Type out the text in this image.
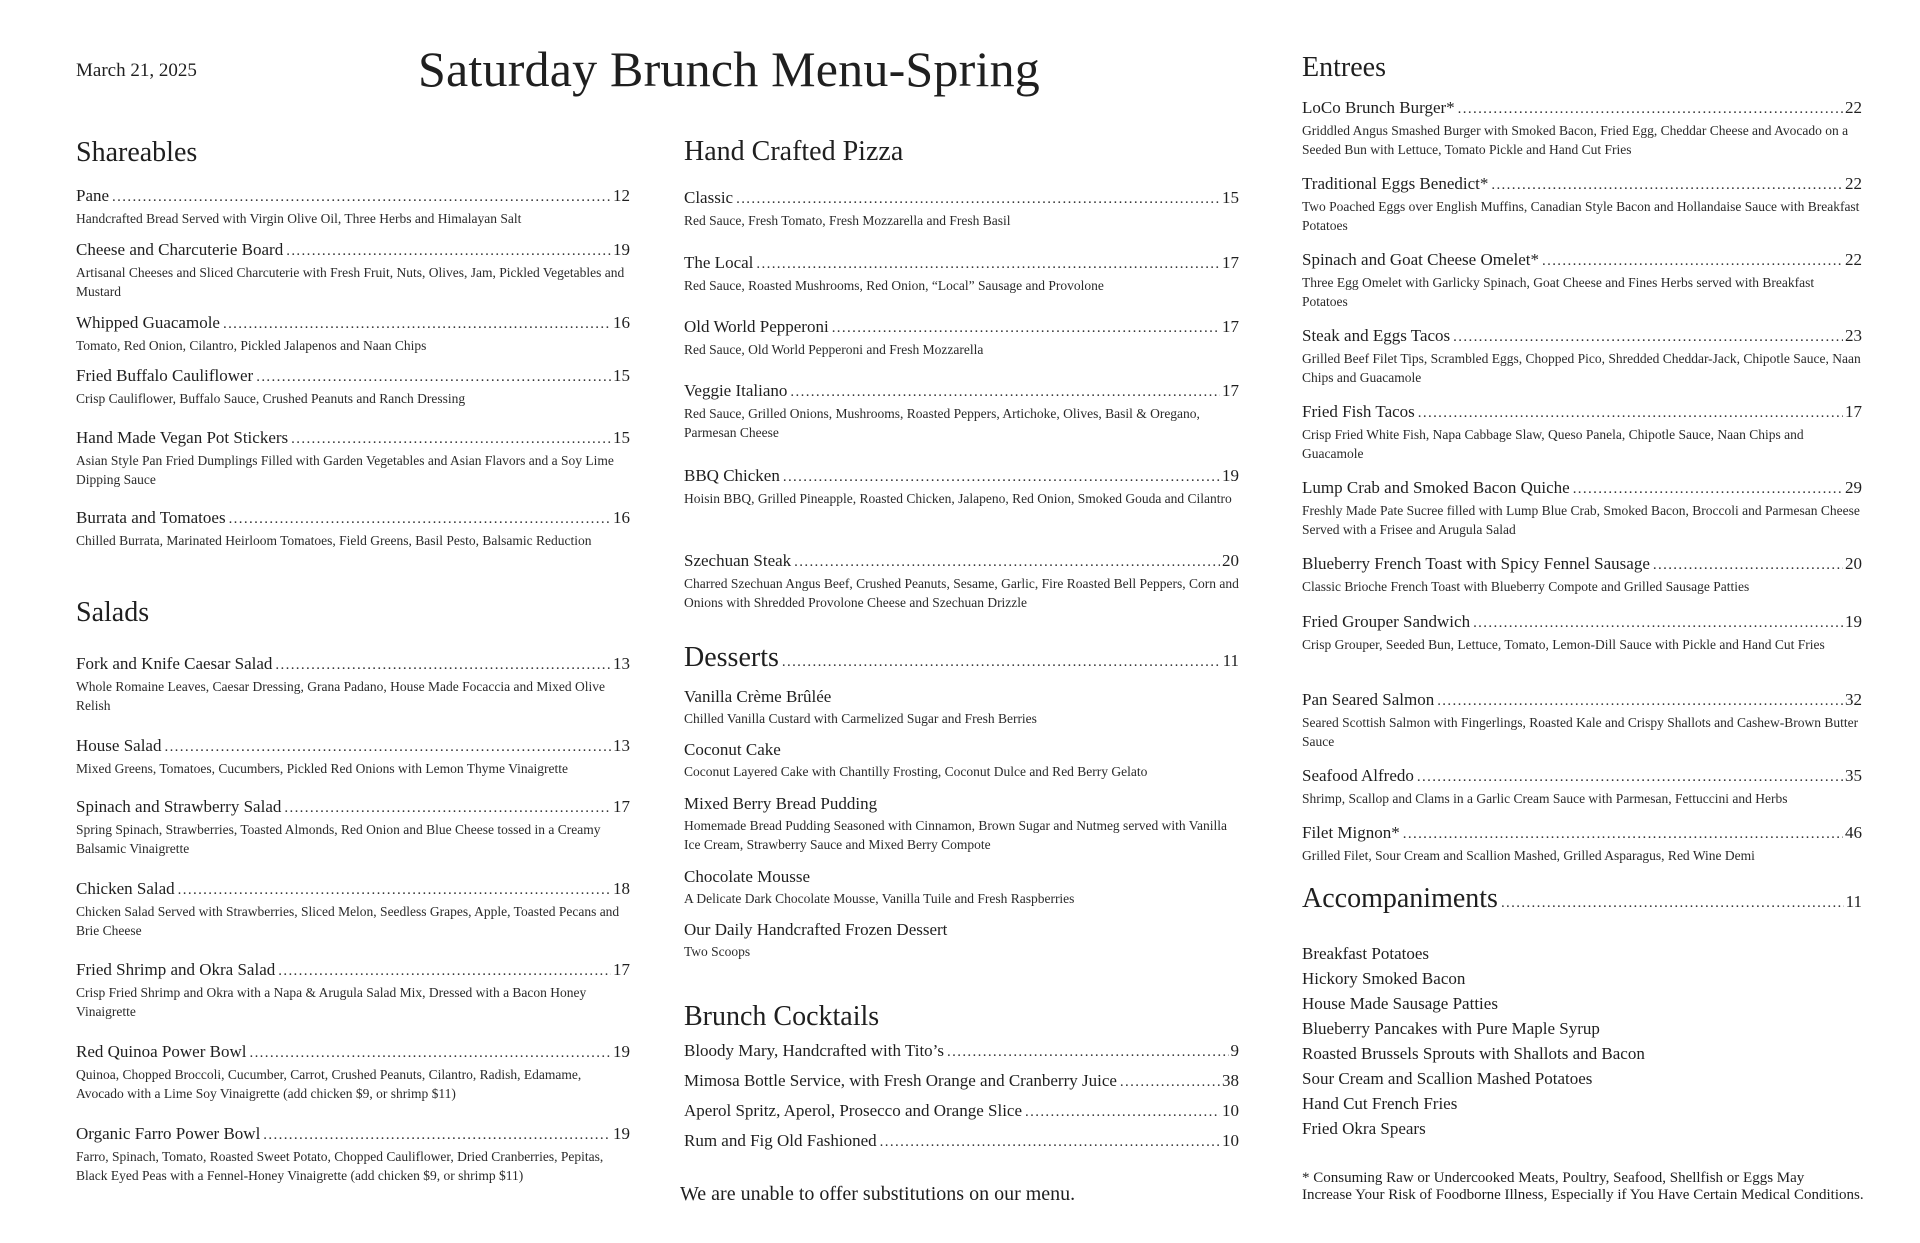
March 21, 2025	Saturday Brunch Menu-Spring
Shareables
Pane . . .	12
Handcrafted Bread Served with Virgin Olive Oil, Three Herbs and Himalayan Salt
Cheese and Charcuterie Board . . .	19
Artisanal Cheeses and Sliced Charcuterie with Fresh Fruit, Nuts, Olives, Jam, Pickled Vegetables and Mustard
Whipped Guacamole . . .	16
Tomato, Red Onion, Cilantro, Pickled Jalapenos and Naan Chips
Fried Buffalo Cauliflower . . .	15
Crisp Cauliflower, Buffalo Sauce, Crushed Peanuts and Ranch Dressing
Hand Made Vegan Pot Stickers . . .	15
Asian Style Pan Fried Dumplings Filled with Garden Vegetables and Asian Flavors and a Soy Lime Dipping Sauce
Burrata and Tomatoes . . .	16
Chilled Burrata, Marinated Heirloom Tomatoes, Field Greens, Basil Pesto, Balsamic Reduction
Salads
Fork and Knife Caesar Salad . . .	13
Whole Romaine Leaves, Caesar Dressing, Grana Padano, House Made Focaccia and Mixed Olive Relish
House Salad . . .	13
Mixed Greens, Tomatoes, Cucumbers, Pickled Red Onions with Lemon Thyme Vinaigrette
Spinach and Strawberry Salad . . .	17
Spring Spinach, Strawberries, Toasted Almonds, Red Onion and Blue Cheese tossed in a Creamy Balsamic Vinaigrette
Chicken Salad . . .	18
Chicken Salad Served with Strawberries, Sliced Melon, Seedless Grapes, Apple, Toasted Pecans and Brie Cheese
Fried Shrimp and Okra Salad . . .	17
Crisp Fried Shrimp and Okra with a Napa & Arugula Salad Mix, Dressed with a Bacon Honey Vinaigrette
Red Quinoa Power Bowl . . .	19
Quinoa, Chopped Broccoli, Cucumber, Carrot, Crushed Peanuts, Cilantro, Radish, Edamame, Avocado with a Lime Soy Vinaigrette (add chicken $9, or shrimp $11)
Organic Farro Power Bowl . . .	19
Farro, Spinach, Tomato, Roasted Sweet Potato, Chopped Cauliflower, Dried Cranberries, Pepitas, Black Eyed Peas with a Fennel-Honey Vinaigrette (add chicken $9, or shrimp $11)
Hand Crafted Pizza
Classic . . .	15
Red Sauce, Fresh Tomato, Fresh Mozzarella and Fresh Basil
The Local . . .	17
Red Sauce, Roasted Mushrooms, Red Onion, “Local” Sausage and Provolone
Old World Pepperoni . . .	17
Red Sauce, Old World Pepperoni and Fresh Mozzarella
Veggie Italiano . . .	17
Red Sauce, Grilled Onions, Mushrooms, Roasted Peppers, Artichoke, Olives, Basil & Oregano, Parmesan Cheese
BBQ Chicken . . .	19
Hoisin BBQ, Grilled Pineapple, Roasted Chicken, Jalapeno, Red Onion, Smoked Gouda and Cilantro
Szechuan Steak . . .	20
Charred Szechuan Angus Beef, Crushed Peanuts, Sesame, Garlic, Fire Roasted Bell Peppers, Corn and Onions with Shredded Provolone Cheese and Szechuan Drizzle
Desserts . . .	11
Vanilla Crème Brûlée
Chilled Vanilla Custard with Carmelized Sugar and Fresh Berries
Coconut Cake
Coconut Layered Cake with Chantilly Frosting, Coconut Dulce and Red Berry Gelato
Mixed Berry Bread Pudding
Homemade Bread Pudding Seasoned with Cinnamon, Brown Sugar and Nutmeg served with Vanilla Ice Cream, Strawberry Sauce and Mixed Berry Compote
Chocolate Mousse
A Delicate Dark Chocolate Mousse, Vanilla Tuile and Fresh Raspberries
Our Daily Handcrafted Frozen Dessert
Two Scoops
Brunch Cocktails
Bloody Mary, Handcrafted with Tito’s . . .	9
Mimosa Bottle Service, with Fresh Orange and Cranberry Juice . . .	38
Aperol Spritz, Aperol, Prosecco and Orange Slice . . .	10
Rum and Fig Old Fashioned . . .	10
We are unable to offer substitutions on our menu.
Entrees
LoCo Brunch Burger* . . .	22
Griddled Angus Smashed Burger with Smoked Bacon, Fried Egg, Cheddar Cheese and Avocado on a Seeded Bun with Lettuce, Tomato Pickle and Hand Cut Fries
Traditional Eggs Benedict* . . .	22
Two Poached Eggs over English Muffins, Canadian Style Bacon and Hollandaise Sauce with Breakfast Potatoes
Spinach and Goat Cheese Omelet* . . .	22
Three Egg Omelet with Garlicky Spinach, Goat Cheese and Fines Herbs served with Breakfast Potatoes
Steak and Eggs Tacos . . .	23
Grilled Beef Filet Tips, Scrambled Eggs, Chopped Pico, Shredded Cheddar-Jack, Chipotle Sauce, Naan Chips and Guacamole
Fried Fish Tacos . . .	17
Crisp Fried White Fish, Napa Cabbage Slaw, Queso Panela, Chipotle Sauce, Naan Chips and Guacamole
Lump Crab and Smoked Bacon Quiche . . .	29
Freshly Made Pate Sucree filled with Lump Blue Crab, Smoked Bacon, Broccoli and Parmesan Cheese Served with a Frisee and Arugula Salad
Blueberry French Toast with Spicy Fennel Sausage . . .	20
Classic Brioche French Toast with Blueberry Compote and Grilled Sausage Patties
Fried Grouper Sandwich . . .	19
Crisp Grouper, Seeded Bun, Lettuce, Tomato, Lemon-Dill Sauce with Pickle and Hand Cut Fries
Pan Seared Salmon . . .	32
Seared Scottish Salmon with Fingerlings, Roasted Kale and Crispy Shallots and Cashew-Brown Butter Sauce
Seafood Alfredo . . .	35
Shrimp, Scallop and Clams in a Garlic Cream Sauce with Parmesan, Fettuccini and Herbs
Filet Mignon* . . .	46
Grilled Filet, Sour Cream and Scallion Mashed, Grilled Asparagus, Red Wine Demi
Accompaniments . . .	11
Breakfast Potatoes
Hickory Smoked Bacon
House Made Sausage Patties
Blueberry Pancakes with Pure Maple Syrup
Roasted Brussels Sprouts with Shallots and Bacon
Sour Cream and Scallion Mashed Potatoes
Hand Cut French Fries
Fried Okra Spears
* Consuming Raw or Undercooked Meats, Poultry, Seafood, Shellfish or Eggs May
Increase Your Risk of Foodborne Illness, Especially if You Have Certain Medical Conditions.
